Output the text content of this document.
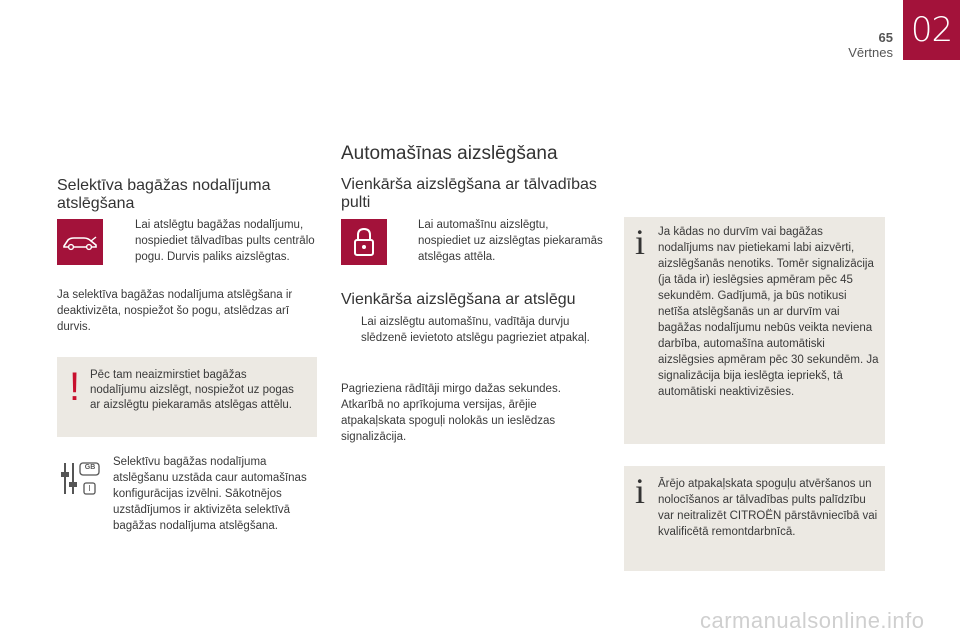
65
Vērtnes
02
Automašīnas aizslēgšana
Selektīva bagāžas nodalījuma atslēgšana
Lai atslēgtu bagāžas nodalījumu, nospiediet tālvadības pults centrālo pogu. Durvis paliks aizslēgtas.
Ja selektīva bagāžas nodalījuma atslēgšana ir deaktivizēta, nospiežot šo pogu, atslēdzas arī durvis.
! Pēc tam neaizmirstiet bagāžas nodalījumu aizslēgt, nospiežot uz pogas ar aizslēgtu piekaramās atslēgas attēlu.
GB
I
Selektīvu bagāžas nodalījuma atslēgšanu uzstāda caur automašīnas konfigurācijas izvēlni. Sākotnējos uzstādījumos ir aktivizēta selektīvā bagāžas nodalījuma atslēgšana.
Vienkārša aizslēgšana ar tālvadības pulti
Lai automašīnu aizslēgtu, nospiediet uz aizslēgtas piekaramās atslēgas attēla.
Vienkārša aizslēgšana ar atslēgu
Lai aizslēgtu automašīnu, vadītāja durvju slēdzenē ievietoto atslēgu pagrieziet atpakaļ.
Pagrieziena rādītāji mirgo dažas sekundes. Atkarībā no aprīkojuma versijas, ārējie atpakaļskata spoguļi nolokās un ieslēdzas signalizācija.
i Ja kādas no durvīm vai bagāžas nodalījums nav pietiekami labi aizvērti, aizslēgšanās nenotiks. Tomēr signalizācija (ja tāda ir) ieslēgsies apmēram pēc 45 sekundēm. Gadījumā, ja būs notikusi netīša atslēgšanās un ar durvīm vai bagāžas nodalījumu nebūs veikta neviena darbība, automašīna automātiski aizslēgsies apmēram pēc 30 sekundēm. Ja signalizācija bija ieslēgta iepriekš, tā automātiski neaktivizēsies.
i Ārējo atpakaļskata spoguļu atvēršanos un nolocīšanos ar tālvadības pults palīdzību var neitralizēt CITROËN pārstāvniecībā vai kvalificētā remontdarbnīcā.
carmanualsonline.info
